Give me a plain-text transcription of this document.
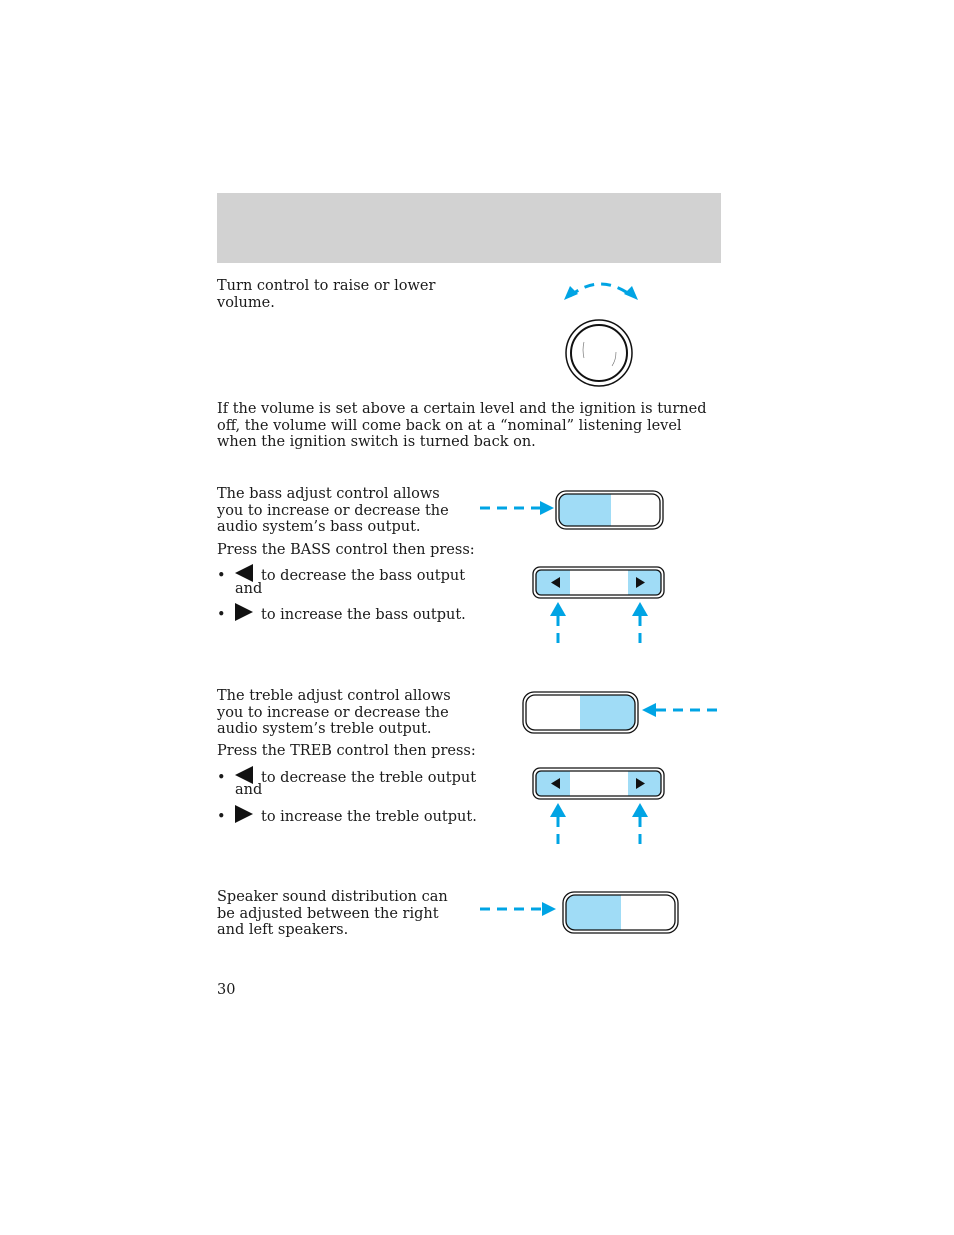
Turn control to raise or lower volume.

If the volume is set above a certain level and the ignition is turned off, the volume will come back on at a “nominal” listening level when the ignition switch is turned back on.

The bass adjust control allows you to increase or decrease the audio system’s bass output.

Press the BASS control then press:

• to decrease the bass output
and
• to increase the bass output.

The treble adjust control allows you to increase or decrease the audio system’s treble output.

Press the TREB control then press:

• to decrease the treble output
and
• to increase the treble output.

Speaker sound distribution can be adjusted between the right and left speakers.

30
